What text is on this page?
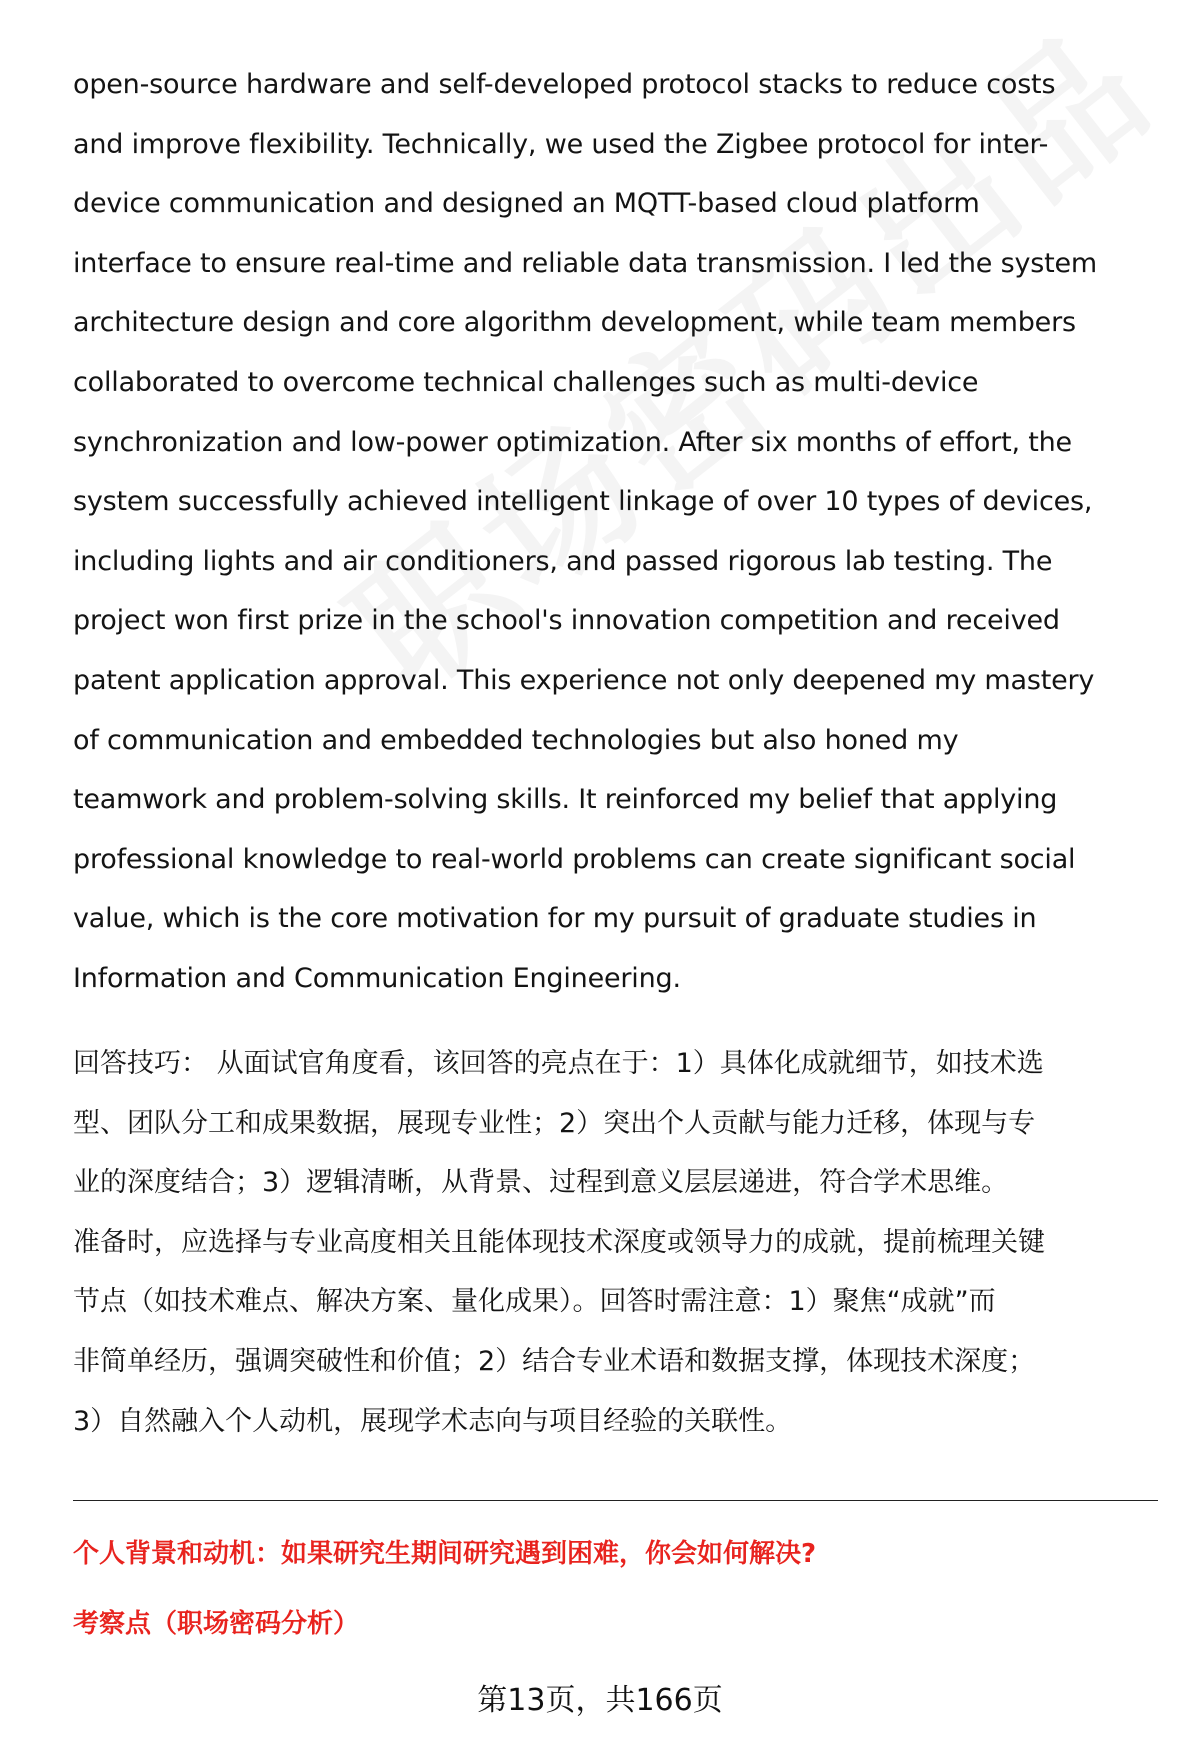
open-source hardware and self-developed protocol stacks to reduce costs
and improve flexibility. Technically, we used the Zigbee protocol for inter-
device communication and designed an MQTT-based cloud platform
interface to ensure real-time and reliable data transmission. I led the system
architecture design and core algorithm development, while team members
collaborated to overcome technical challenges such as multi-device
synchronization and low-power optimization. After six months of effort, the
system successfully achieved intelligent linkage of over 10 types of devices,
including lights and air conditioners, and passed rigorous lab testing. The
project won first prize in the school's innovation competition and received
patent application approval. This experience not only deepened my mastery
of communication and embedded technologies but also honed my
teamwork and problem-solving skills. It reinforced my belief that applying
professional knowledge to real-world problems can create significant social
value, which is the core motivation for my pursuit of graduate studies in
Information and Communication Engineering.
回答技巧： 从面试官角度看，该回答的亮点在于：1）具体化成就细节，如技术选
型、团队分工和成果数据，展现专业性；2）突出个人贡献与能力迁移，体现与专
业的深度结合；3）逻辑清晰，从背景、过程到意义层层递进，符合学术思维。
准备时，应选择与专业高度相关且能体现技术深度或领导力的成就，提前梳理关键
节点（如技术难点、解决方案、量化成果）。回答时需注意：1）聚焦“成就”而
非简单经历，强调突破性和价值；2）结合专业术语和数据支撑，体现技术深度；
3）自然融入个人动机，展现学术志向与项目经验的关联性。
个人背景和动机：如果研究生期间研究遇到困难，你会如何解决?
考察点（职场密码分析）
第13页，共166页
